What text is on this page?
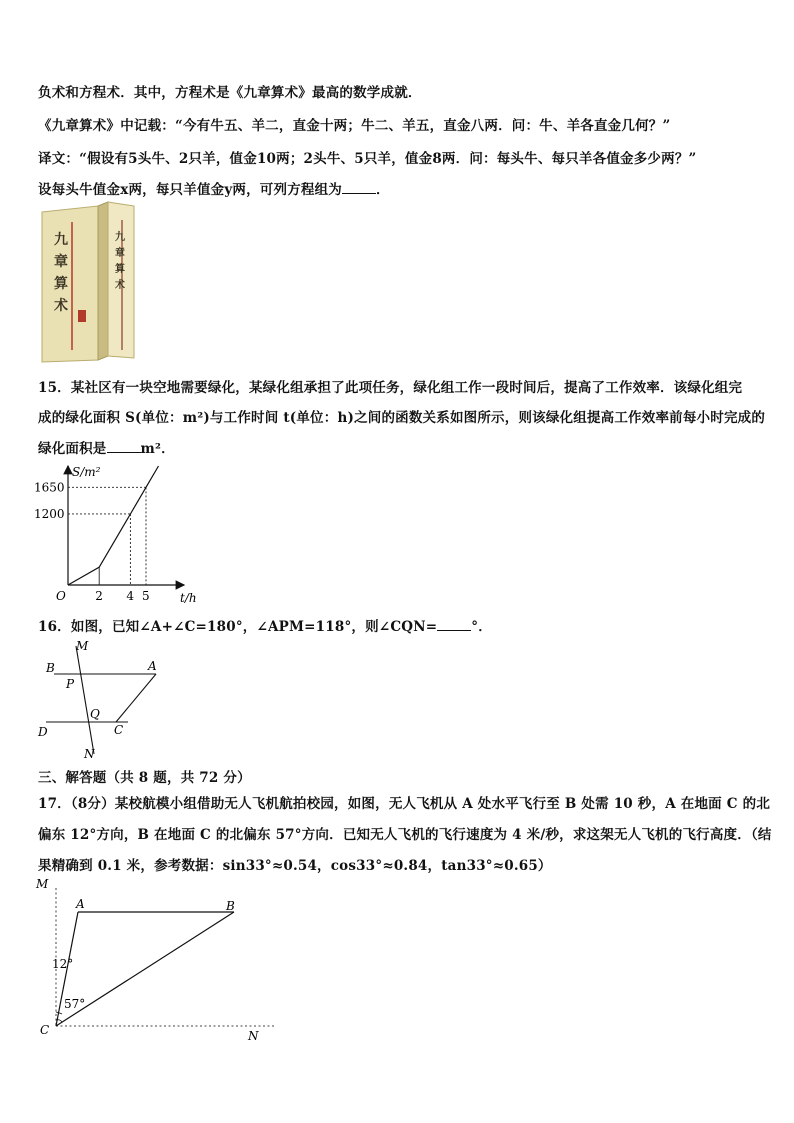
负术和方程术．其中，方程术是《九章算术》最高的数学成就．
《九章算术》中记载：“今有牛五、羊二，直金十两；牛二、羊五，直金八两．问：牛、羊各直金几何？”
译文：“假设有5头牛、2只羊，值金10两；2头牛、5只羊，值金8两．问：每头牛、每只羊各值金多少两？”
设每头牛值金x两，每只羊值金y两，可列方程组为	．
九
章
算
术
九
章
算
术
15．某社区有一块空地需要绿化，某绿化组承担了此项任务，绿化组工作一段时间后，提高了工作效率．该绿化组完
成的绿化面积 S(单位：m²)与工作时间 t(单位：h)之间的函数关系如图所示，则该绿化组提高工作效率前每小时完成的
绿化面积是	m²．
2 4 5
1200
1650
O	t/h
S/m²
16．如图，已知∠A+∠C=180°，∠APM=118°，则∠CQN=	°．
M
B	A
P
Q
D	C
N
三、解答题（共 8 题，共 72 分）
17．（8分）某校航模小组借助无人飞机航拍校园，如图，无人飞机从 A 处水平飞行至 B 处需 10 秒，A 在地面 C 的北
偏东 12°方向，B 在地面 C 的北偏东 57°方向．已知无人飞机的飞行速度为 4 米/秒，求这架无人飞机的飞行高度．（结
果精确到 0.1 米，参考数据：sin33°≈0.54，cos33°≈0.84，tan33°≈0.65）
M
A	B
12°
57°
C	N
